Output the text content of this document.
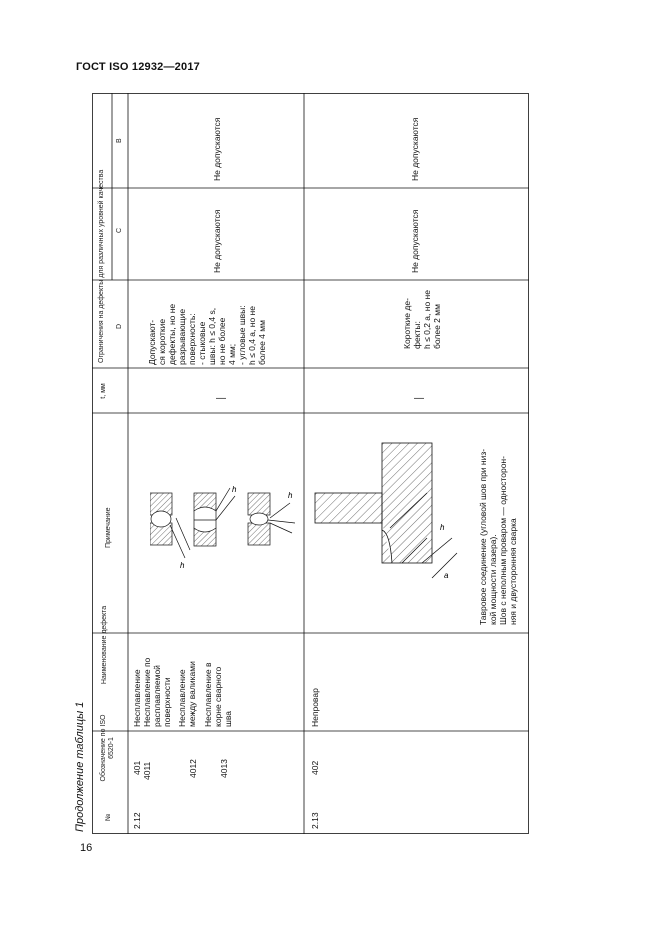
ГОСТ ISO 12932—2017
Продолжение таблицы 1
16
№
Обозначение по ISO 6520-1
Наименование дефекта
Примечание
t, мм
Ограничения на дефекты для различных уровней качества D
C
B
2.12
401 4011	4012 4013
Несплавление Несплавление по расплавляемой поверхности Несплавление между валиками Несплавление в корне сварного шва
h
h
h
—
Допускают- ся короткие дефекты, но не разрывающие поверхность: - стыковые швы: h ≤ 0,4 s, но не более 4 мм; - угловые швы: h ≤ 0,4 a, но не более 4 мм
Не допускаются
Не допускаются
2.13
402
Непровар
h
a	Тавровое соединение (угловой шов при низ- кой мощности лазера). Шов с неполным проваром — односторон- няя и двусторонняя сварка
—
Короткие де- фекты: h ≤ 0,2 a, но не более 2 мм
Не допускаются
Не допускаются
